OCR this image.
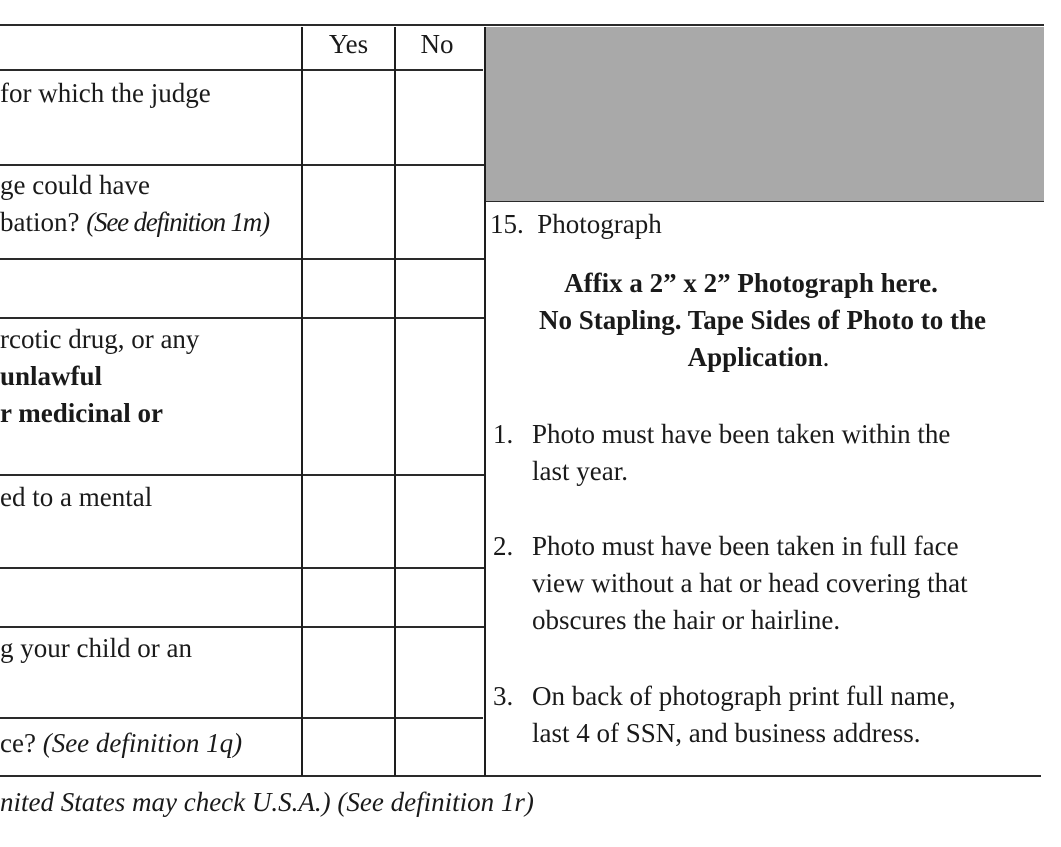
Yes	No
for which the judge
ge could have
bation? (See definition 1m)
rcotic drug, or any
unlawful
r medicinal or
ed to a mental
g your child or an
ce? (See definition 1q)
15. Photograph
Affix a 2” x 2” Photograph here.
No Stapling. Tape Sides of Photo to the
Application.
1. Photo must have been taken within the
last year.
2. Photo must have been taken in full face
view without a hat or head covering that
obscures the hair or hairline.
3. On back of photograph print full name,
last 4 of SSN, and business address.
nited States may check U.S.A.) (See definition 1r)
